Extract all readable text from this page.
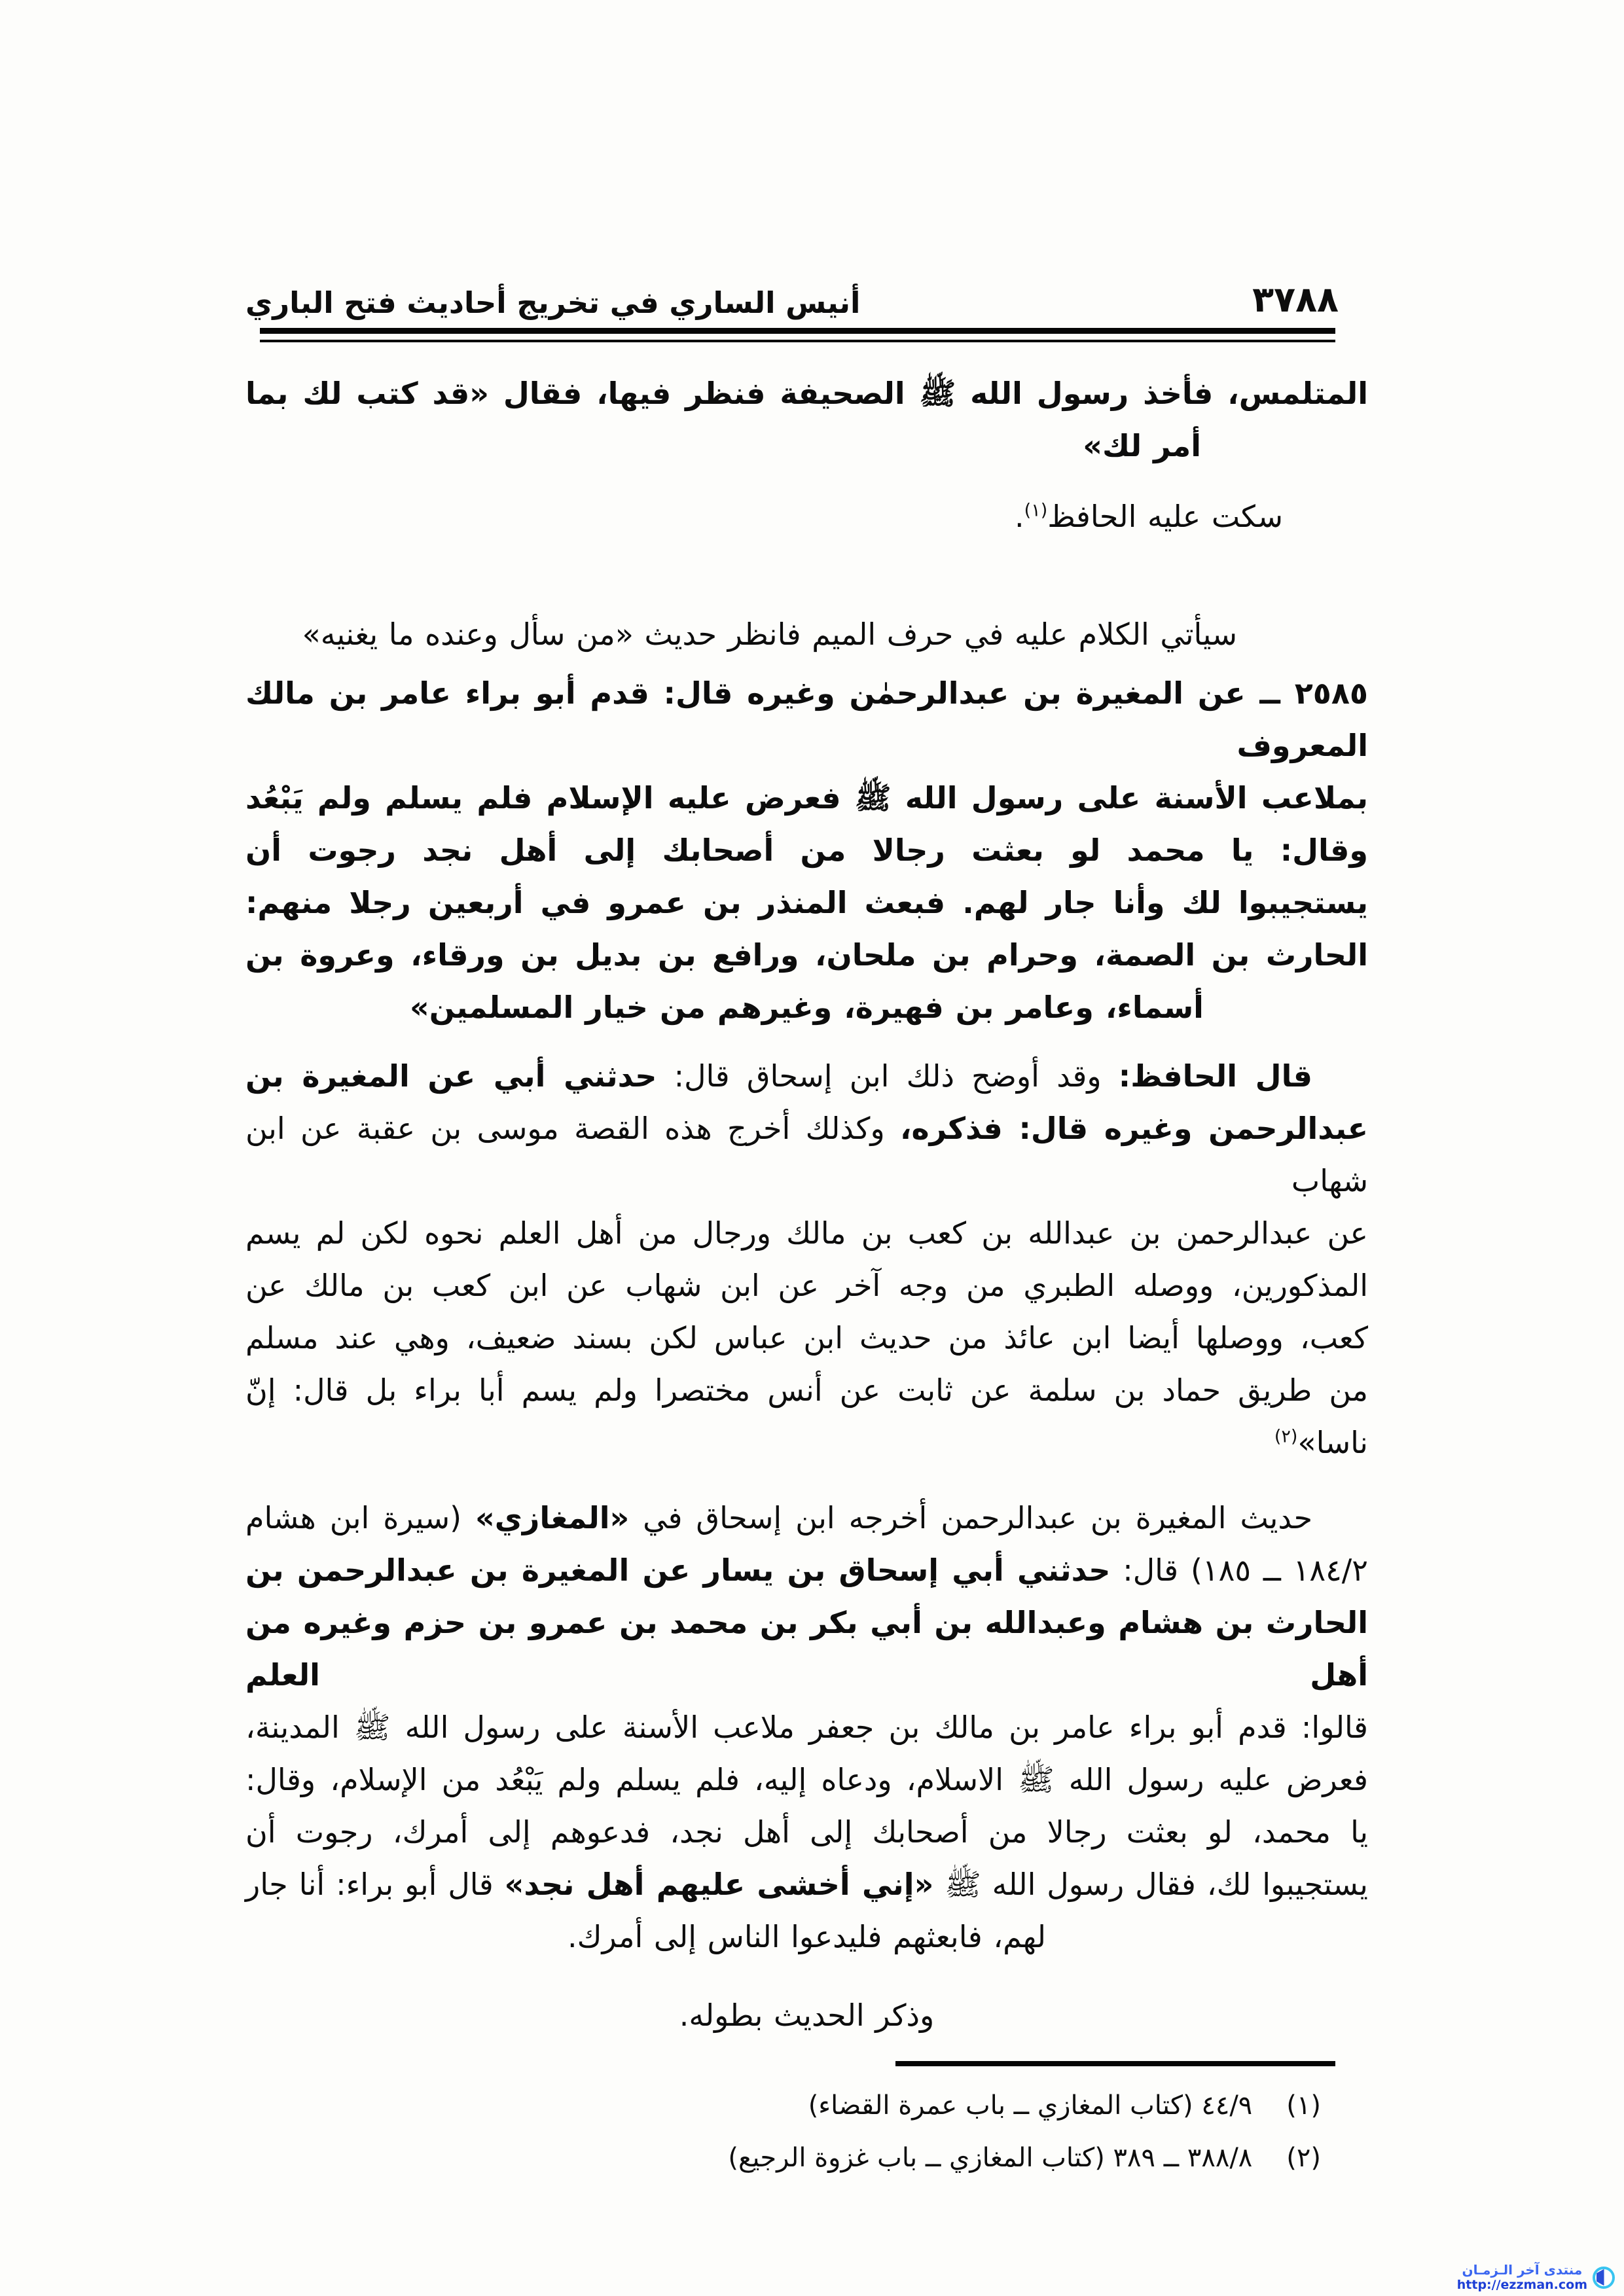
٣٧٨٨
أنيس الساري في تخريج أحاديث فتح الباري
المتلمس، فأخذ رسول الله ﷺ الصحيفة فنظر فيها، فقال «قد كتب لك بما
أمر لك»
سكت عليه الحافظ$^{(١)}$.
سيأتي الكلام عليه في حرف الميم فانظر حديث «من سأل وعنده ما يغنيه»
٢٥٨٥ ــ عن المغيرة بن عبدالرحمٰن وغيره قال: قدم أبو براء عامر بن مالك المعروف
بملاعب الأسنة على رسول الله ﷺ فعرض عليه الإسلام فلم يسلم ولم يَبْعُد
وقال: يا محمد لو بعثت رجالا من أصحابك إلى أهل نجد رجوت أن
يستجيبوا لك وأنا جار لهم. فبعث المنذر بن عمرو في أربعين رجلا منهم:
الحارث بن الصمة، وحرام بن ملحان، ورافع بن بديل بن ورقاء، وعروة بن
أسماء، وعامر بن فهيرة، وغيرهم من خيار المسلمين»
قال الحافظ: وقد أوضح ذلك ابن إسحاق قال: حدثني أبي عن المغيرة بن
عبدالرحمن وغيره قال: فذكره، وكذلك أخرج هذه القصة موسى بن عقبة عن ابن شهاب
عن عبدالرحمن بن عبدالله بن كعب بن مالك ورجال من أهل العلم نحوه لكن لم يسم
المذكورين، ووصله الطبري من وجه آخر عن ابن شهاب عن ابن كعب بن مالك عن
كعب، ووصلها أيضا ابن عائذ من حديث ابن عباس لكن بسند ضعيف، وهي عند مسلم
من طريق حماد بن سلمة عن ثابت عن أنس مختصرا ولم يسم أبا براء بل قال: إنّ ناسا»$^{(٢)}$
حديث المغيرة بن عبدالرحمن أخرجه ابن إسحاق في «المغازي» (سيرة ابن هشام
١٨٤/٢ ــ ١٨٥) قال: حدثني أبي إسحاق بن يسار عن المغيرة بن عبدالرحمن بن
الحارث بن هشام وعبدالله بن أبي بكر بن محمد بن عمرو بن حزم وغيره من أهل العلم
قالوا: قدم أبو براء عامر بن مالك بن جعفر ملاعب الأسنة على رسول الله ﷺ المدينة،
فعرض عليه رسول الله ﷺ الاسلام، ودعاه إليه، فلم يسلم ولم يَبْعُد من الإسلام، وقال:
يا محمد، لو بعثت رجالا من أصحابك إلى أهل نجد، فدعوهم إلى أمرك، رجوت أن
يستجيبوا لك، فقال رسول الله ﷺ «إني أخشى عليهم أهل نجد» قال أبو براء: أنا جار
لهم، فابعثهم فليدعوا الناس إلى أمرك.
وذكر الحديث بطوله.
(١)٤٤/٩ (كتاب المغازي ــ باب عمرة القضاء)
(٢)٣٨٨/٨ ــ ٣٨٩ (كتاب المغازي ــ باب غزوة الرجيع)
منتدى آخر الـزمـان
http://ezzman.com
